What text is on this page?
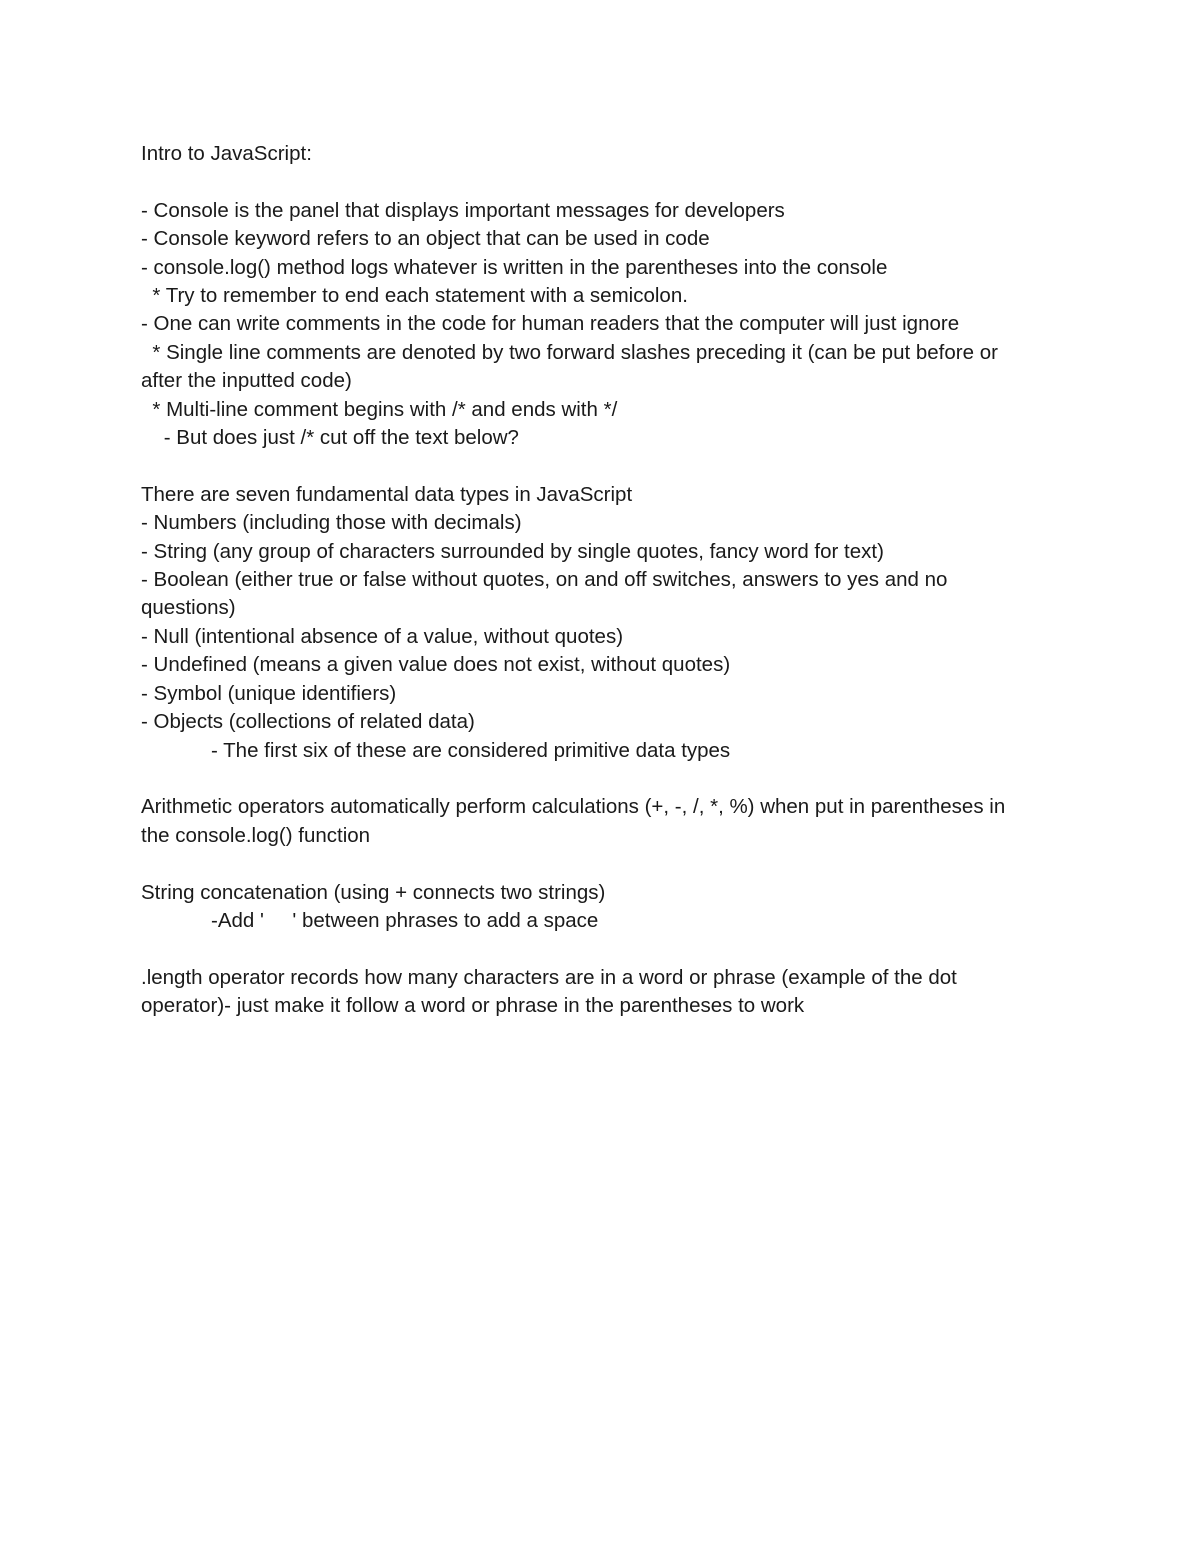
Intro to JavaScript:
- Console is the panel that displays important messages for developers
- Console keyword refers to an object that can be used in code
- console.log() method logs whatever is written in the parentheses into the console
* Try to remember to end each statement with a semicolon.
- One can write comments in the code for human readers that the computer will just ignore
* Single line comments are denoted by two forward slashes preceding it (can be put before or
after the inputted code)
* Multi-line comment begins with /* and ends with */
- But does just /* cut off the text below?
There are seven fundamental data types in JavaScript
- Numbers (including those with decimals)
- String (any group of characters surrounded by single quotes, fancy word for text)
- Boolean (either true or false without quotes, on and off switches, answers to yes and no
questions)
- Null (intentional absence of a value, without quotes)
- Undefined (means a given value does not exist, without quotes)
- Symbol (unique identifiers)
- Objects (collections of related data)
- The first six of these are considered primitive data types
Arithmetic operators automatically perform calculations (+, -, /, *, %) when put in parentheses in
the console.log() function
String concatenation (using + connects two strings)
-Add '     ' between phrases to add a space
.length operator records how many characters are in a word or phrase (example of the dot
operator)- just make it follow a word or phrase in the parentheses to work
